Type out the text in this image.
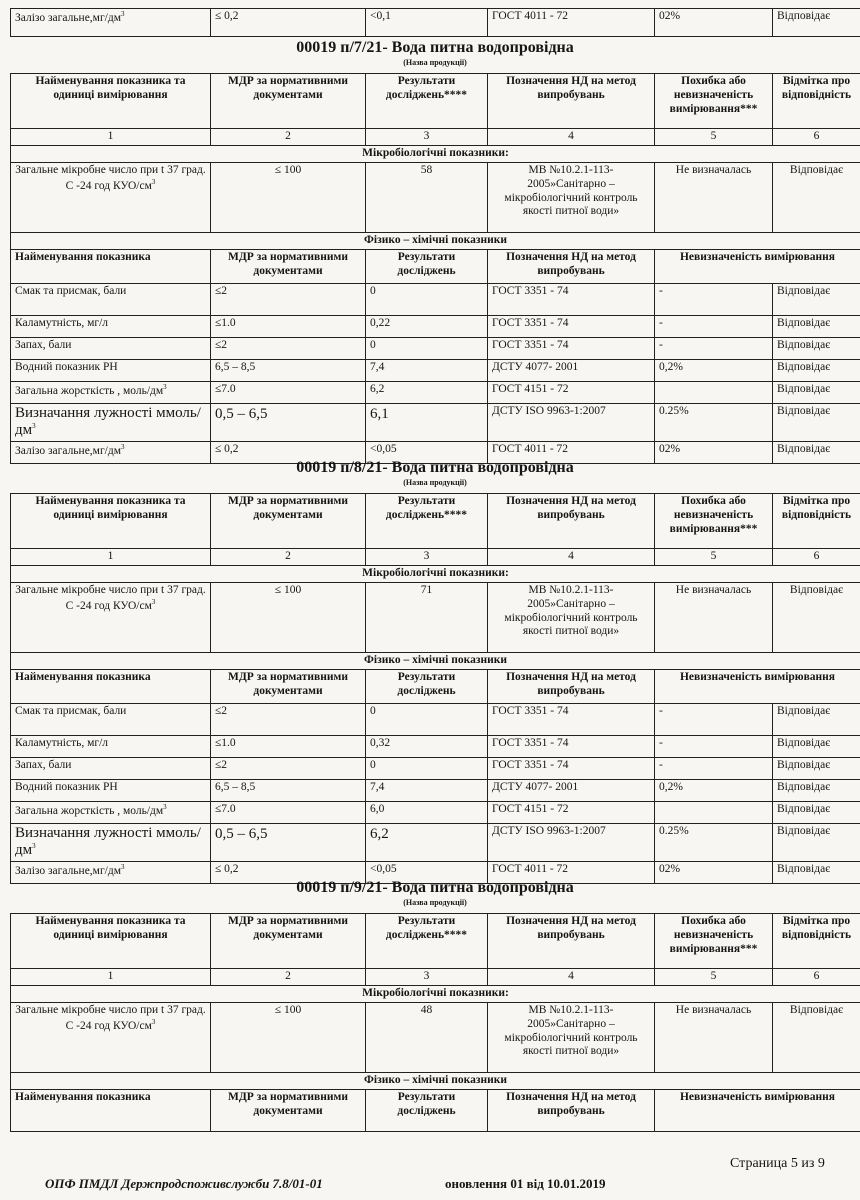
Залізо $загальне,мг/дм^3$	≤ 0,2	<0,1	ГОСТ 4011 - 72	02%	Відповідає
00019 п/7/21- Вода питна водопровідна
(Назва продукції)
Найменування показника та одиниці вимірювання	МДР за нормативними документами	Результати досліджень****	Позначення НД на метод випробувань	Похибка або невизначеність вимірювання***	Відмітка про відповідність
1	2	3	4	5	6
Мікробіологічні показники:					
Загальне мікробне число при t 37 град. С -24 год КУО/$см^3$	≤ 100	58	МВ №10.2.1-113-2005»Санітарно – мікробіологічний контроль якості питної води»	Не визначалась	Відповідає
Фізико – хімічні показники					
Найменування показника	МДР за нормативними документами	Результати досліджень	Позначення НД на метод випробувань	Невизначеність вимірювання	
Смак та присмак, бали	≤2	0	ГОСТ 3351 - 74	-	Відповідає
Каламутність, мг/л	≤1.0	0,22	ГОСТ 3351 - 74	-	Відповідає
Запах, бали	≤2	0	ГОСТ 3351 - 74	-	Відповідає
Водний показник РН	6,5 – 8,5	7,4	ДСТУ 4077- 2001	0,2%	Відповідає
Загальна жорсткість , моль/$дм^3$	≤7.0	6,2	ГОСТ 4151 - 72		Відповідає
Визначання лужності ммоль/$дм^3$	0,5 – 6,5	6,1	ДСТУ ISO 9963-1:2007	0.25%	Відповідає
Залізо $загальне,мг/дм^3$	≤ 0,2	<0,05	ГОСТ 4011 - 72	02%	Відповідає
00019 п/8/21- Вода питна водопровідна
(Назва продукції)
Найменування показника та одиниці вимірювання	МДР за нормативними документами	Результати досліджень****	Позначення НД на метод випробувань	Похибка або невизначеність вимірювання***	Відмітка про відповідність
1	2	3	4	5	6
Мікробіологічні показники:					
Загальне мікробне число при t 37 град. С -24 год КУО/$см^3$	≤ 100	71	МВ №10.2.1-113-2005»Санітарно – мікробіологічний контроль якості питної води»	Не визначалась	Відповідає
Фізико – хімічні показники					
Найменування показника	МДР за нормативними документами	Результати досліджень	Позначення НД на метод випробувань	Невизначеність вимірювання	
Смак та присмак, бали	≤2	0	ГОСТ 3351 - 74	-	Відповідає
Каламутність, мг/л	≤1.0	0,32	ГОСТ 3351 - 74	-	Відповідає
Запах, бали	≤2	0	ГОСТ 3351 - 74	-	Відповідає
Водний показник РН	6,5 – 8,5	7,4	ДСТУ 4077- 2001	0,2%	Відповідає
Загальна жорсткість , моль/$дм^3$	≤7.0	6,0	ГОСТ 4151 - 72		Відповідає
Визначання лужності ммоль/$дм^3$	0,5 – 6,5	6,2	ДСТУ ISO 9963-1:2007	0.25%	Відповідає
Залізо $загальне,мг/дм^3$	≤ 0,2	<0,05	ГОСТ 4011 - 72	02%	Відповідає
00019 п/9/21- Вода питна водопровідна
(Назва продукції)
Найменування показника та одиниці вимірювання	МДР за нормативними документами	Результати досліджень****	Позначення НД на метод випробувань	Похибка або невизначеність вимірювання***	Відмітка про відповідність
1	2	3	4	5	6
Мікробіологічні показники:					
Загальне мікробне число при t 37 град. С -24 год КУО/$см^3$	≤ 100	48	МВ №10.2.1-113-2005»Санітарно – мікробіологічний контроль якості питної води»	Не визначалась	Відповідає
Фізико – хімічні показники					
Найменування показника	МДР за нормативними документами	Результати досліджень	Позначення НД на метод випробувань	Невизначеність вимірювання	
Страница 5 из 9
ОПФ ПМДЛ Держпродспоживслужби 7.8/01-01	оновлення 01 від 10.01.2019
